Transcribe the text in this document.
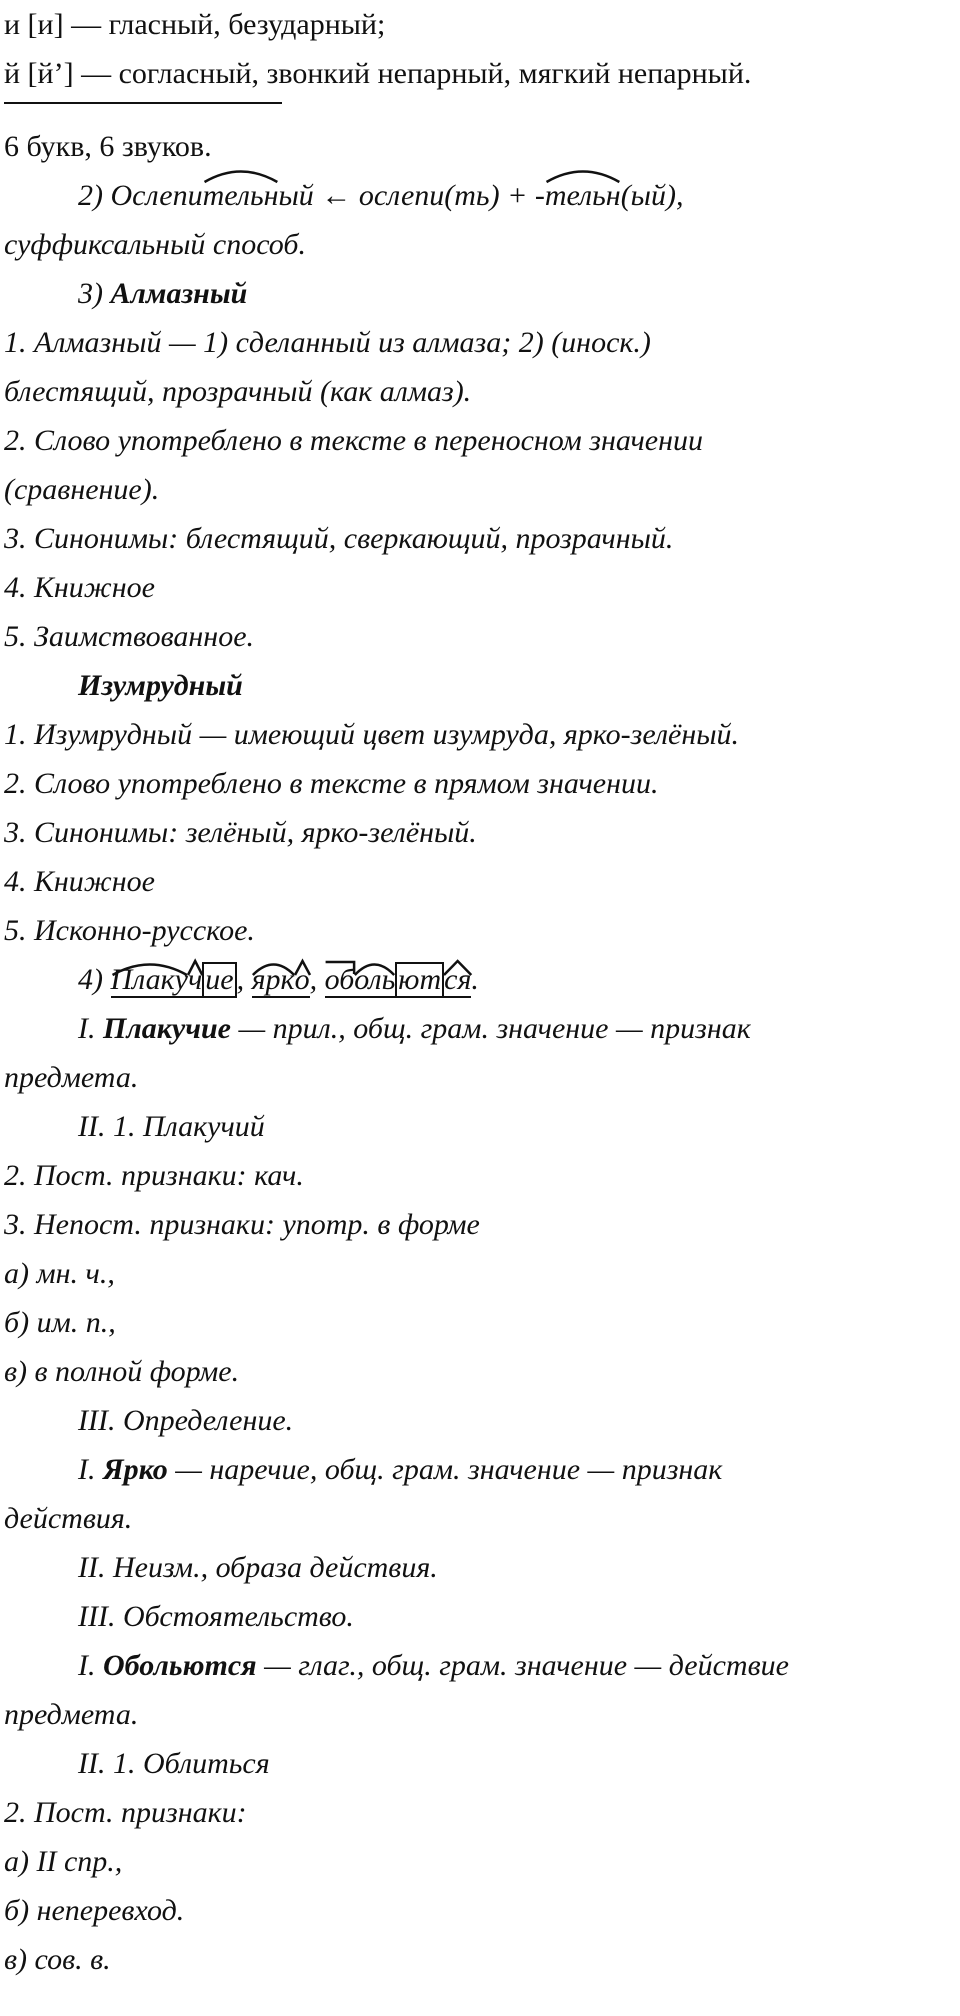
и [и] — гласный, безударный;
й [й’] — согласный, звонкий непарный, мягкий непарный.
6 букв, 6 звуков.
2) Ослепительн
ый ← ослепи(ть) + -тельн
(ый),
суффиксальный способ.
3) Алмазный
1. Алмазный — 1) сделанный из алмаза; 2) (иноск.)
блестящий, прозрачный (как алмаз).
2. Слово употреблено в тексте в переносном значении
(сравнение).
3. Синонимы: блестящий, сверкающий, прозрачный.
4. Книжное
5. Заимствованное.
Изумрудный
1. Изумрудный — имеющий цвет изумруда, ярко-зелёный.
2. Слово употреблено в тексте в прямом значении.
3. Синонимы: зелёный, ярко-зелёный.
4. Книжное
5. Исконно-русское.
4) Плаку
ч ие , ярк
о
, об
оль ют ся
.
I. Плакучие — прил., общ. грам. значение — признак
предмета.
II. 1. Плакучий
2. Пост. признаки: кач.
3. Непост. признаки: употр. в форме
а) мн. ч.,
б) им. п.,
в) в полной форме.
III. Определение.
I. Ярко — наречие, общ. грам. значение — признак
действия.
II. Неизм., образа действия.
III. Обстоятельство.
I. Обольются — глаг., общ. грам. значение — действие
предмета.
II. 1. Облиться
2. Пост. признаки:
а) II спр.,
б) неперевход.
в) сов. в.
